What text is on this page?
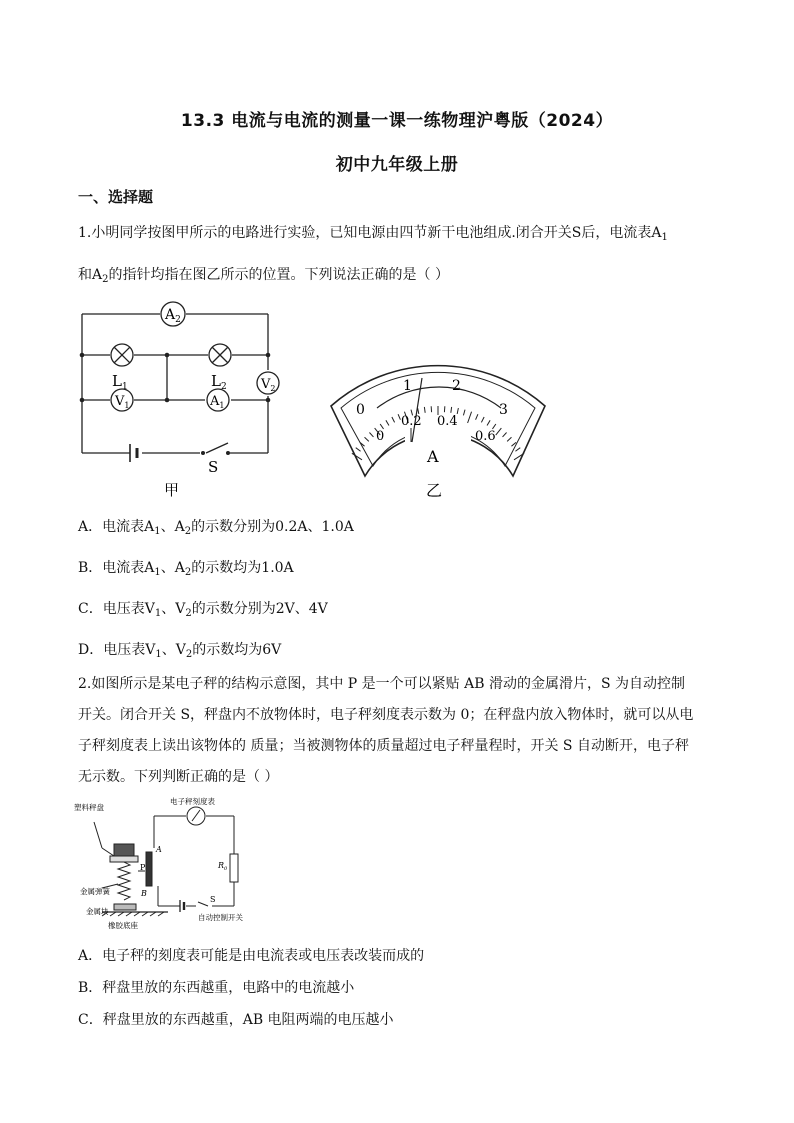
13.3 电流与电流的测量一课一练物理沪粤版（2024）
初中九年级上册
一、选择题
1.小明同学按图甲所示的电路进行实验，已知电源由四节新干电池组成.闭合开关S后，电流表$A_1$
和$A_2$的指针均指在图乙所示的位置。下列说法正确的是（ ）
$A_2$
$L_1$	$L_2$
$V_1$	$A_1$
$V_2$
S
甲
0
1	2
3
0
0.2 0.4
0.6
A
乙
A．电流表$A_1$、$A_2$的示数分别为0.2A、1.0A
B．电流表$A_1$、$A_2$的示数均为1.0A
C．电压表$V_1$、$V_2$的示数分别为2V、4V
D．电压表$V_1$、$V_2$的示数均为6V
2.如图所示是某电子秤的结构示意图，其中 P 是一个可以紧贴 AB 滑动的金属滑片，S 为自动控制
开关。闭合开关 S，秤盘内不放物体时，电子秤刻度表示数为 0；在秤盘内放入物体时，就可以从电
子秤刻度表上读出该物体的 质量；当被测物体的质量超过电子秤量程时，开关 S 自动断开，电子秤
无示数。下列判断正确的是（ ）
塑料秤盘
电子秤刻度表
A
P
B
$R_0$
金属弹簧
金属块
橡胶底座
S
自动控制开关
A．电子秤的刻度表可能是由电流表或电压表改装而成的
B．秤盘里放的东西越重，电路中的电流越小
C．秤盘里放的东西越重，AB 电阻两端的电压越小
